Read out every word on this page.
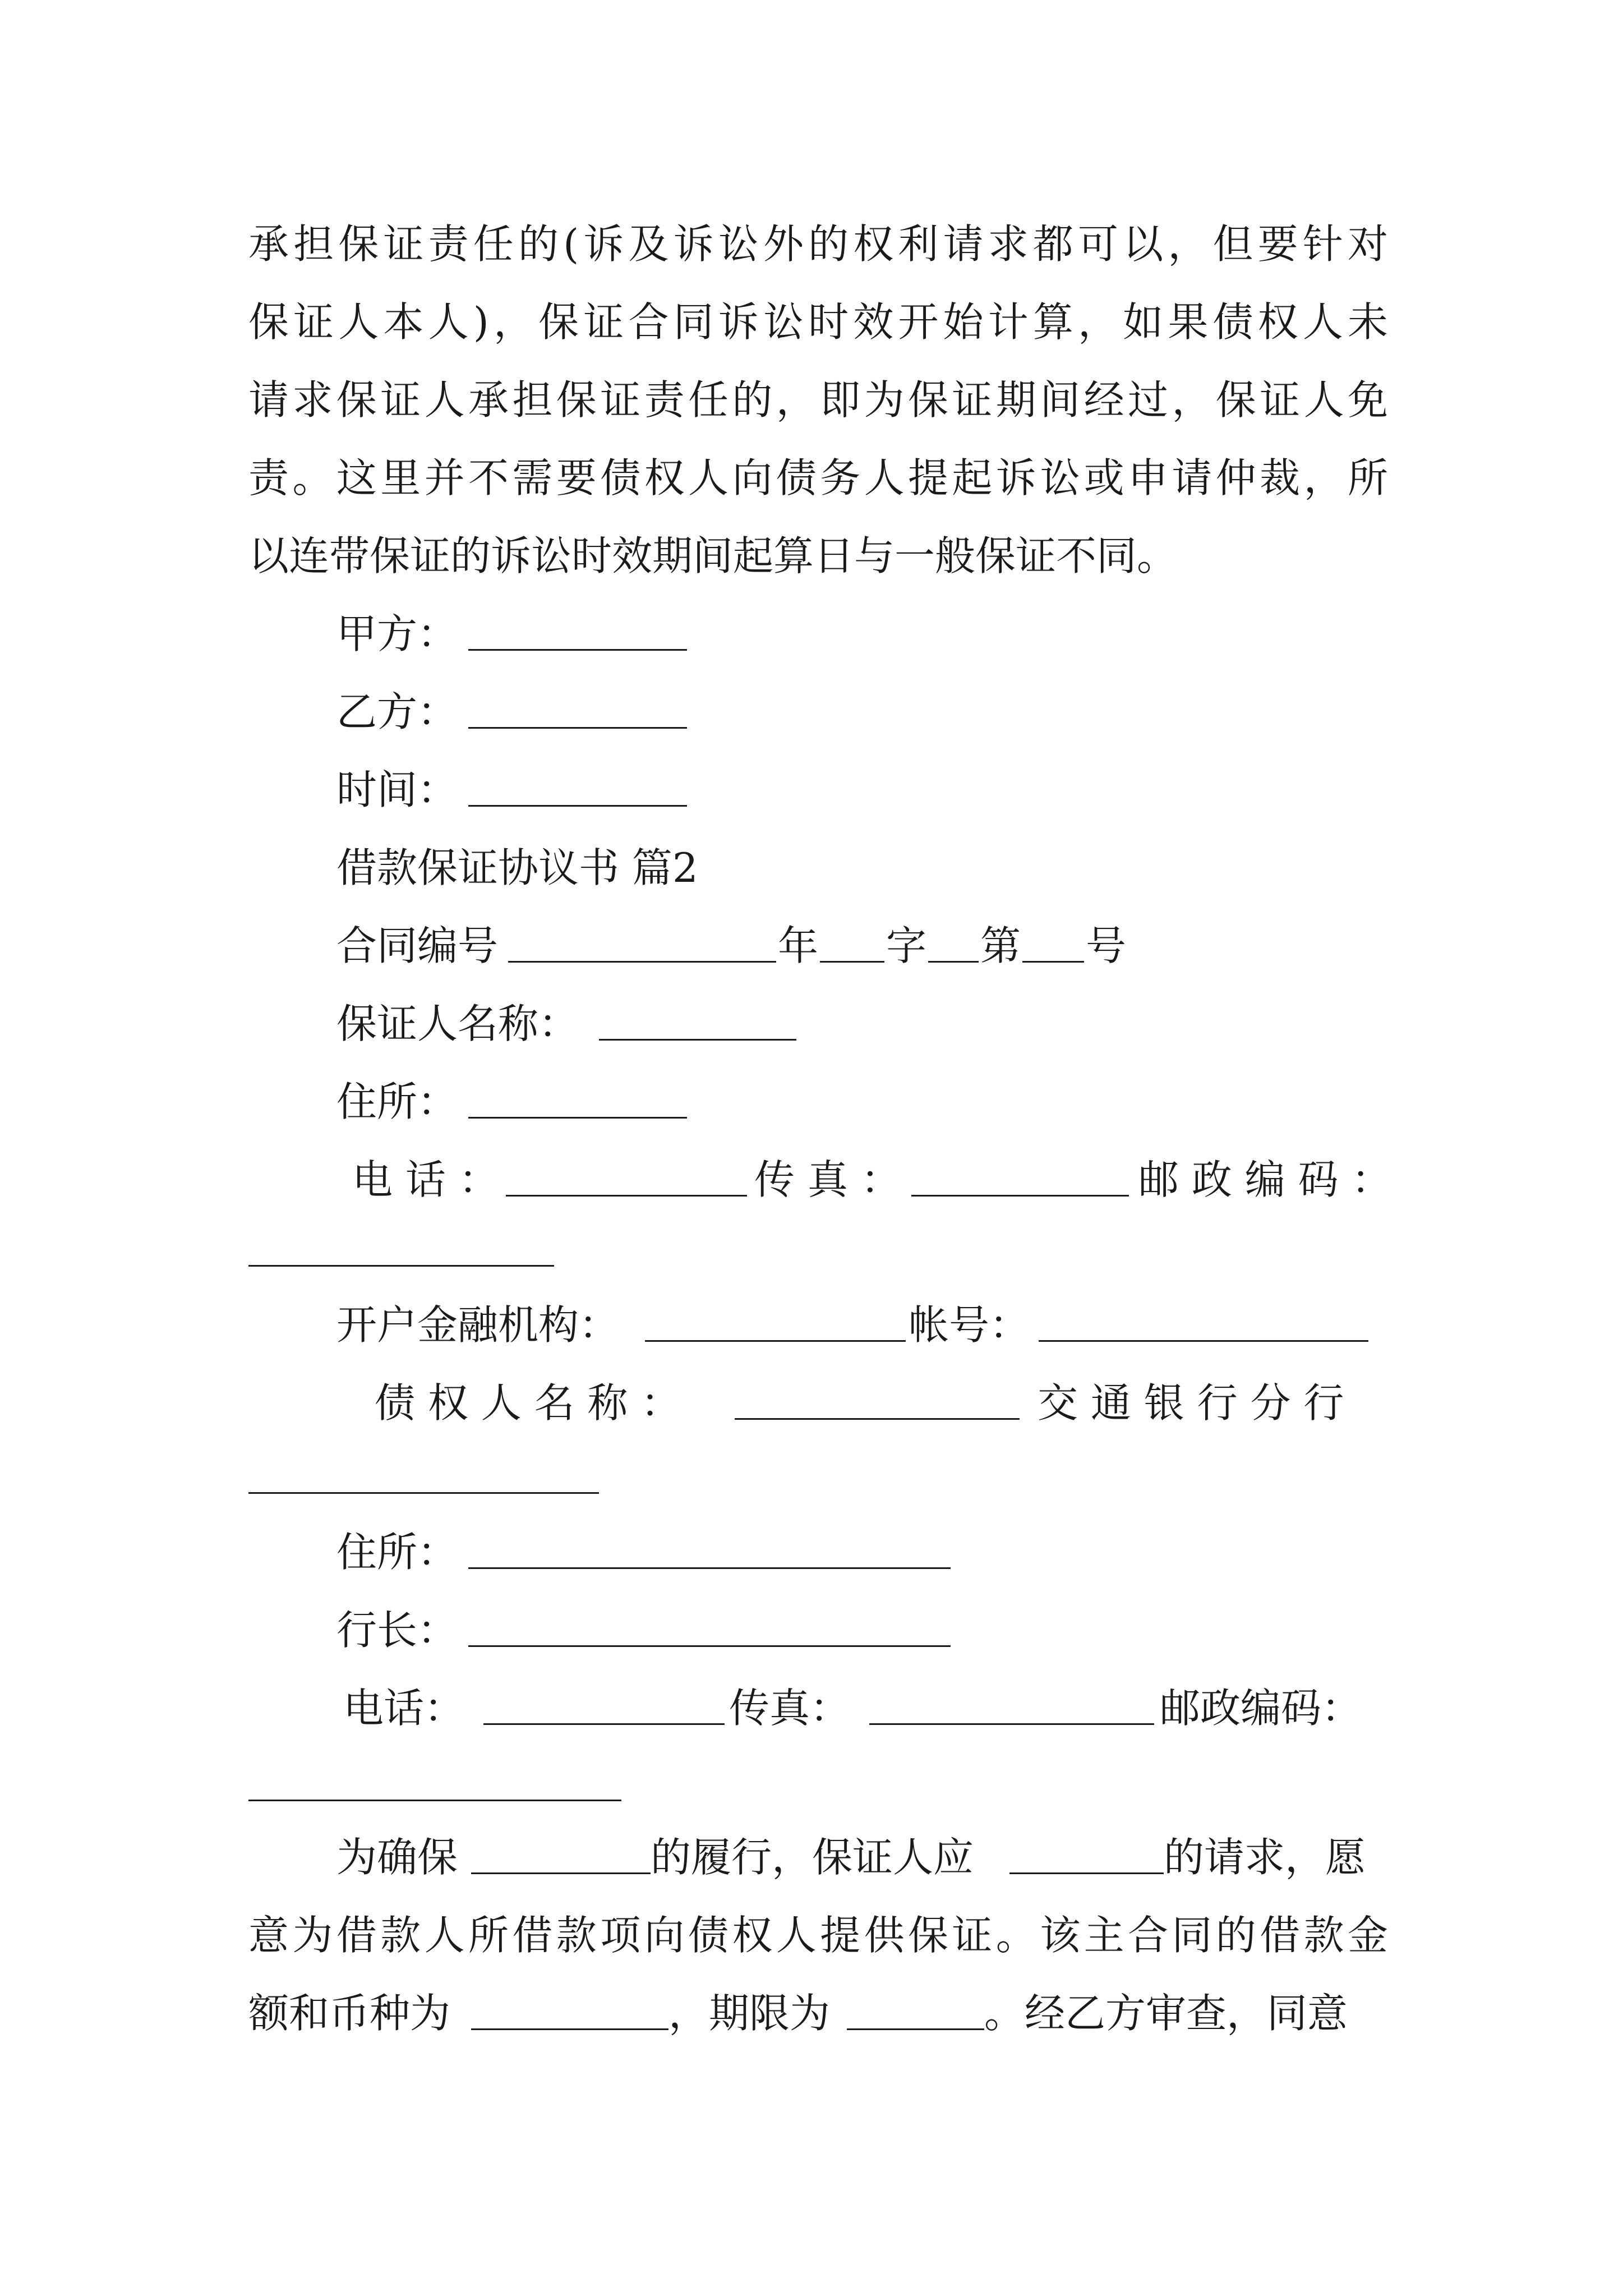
承担保证责任的(诉及诉讼外的权利请求都可以，但要针对
保证人本人)，保证合同诉讼时效开始计算，如果债权人未
请求保证人承担保证责任的，即为保证期间经过，保证人免
责。这里并不需要债权人向债务人提起诉讼或申请仲裁，所
以连带保证的诉讼时效期间起算日与一般保证不同。
甲方：
乙方：
时间：
借款保证协议书 篇2
合同编号	年 字 第 号
保证人名称：
住所：
电 话 ：	传 真 ：	邮 政 编 码 ：
开户金融机构：	帐号：
债 权 人 名 称 ：	交 通 银 行 分 行
住所：
行长：
电话：	传真：	邮政编码：
为确保	的履行，保证人应	的请求，愿
意为借款人所借款项向债权人提供保证。该主合同的借款金
额和币种为	，期限为	。经乙方审查，同意
